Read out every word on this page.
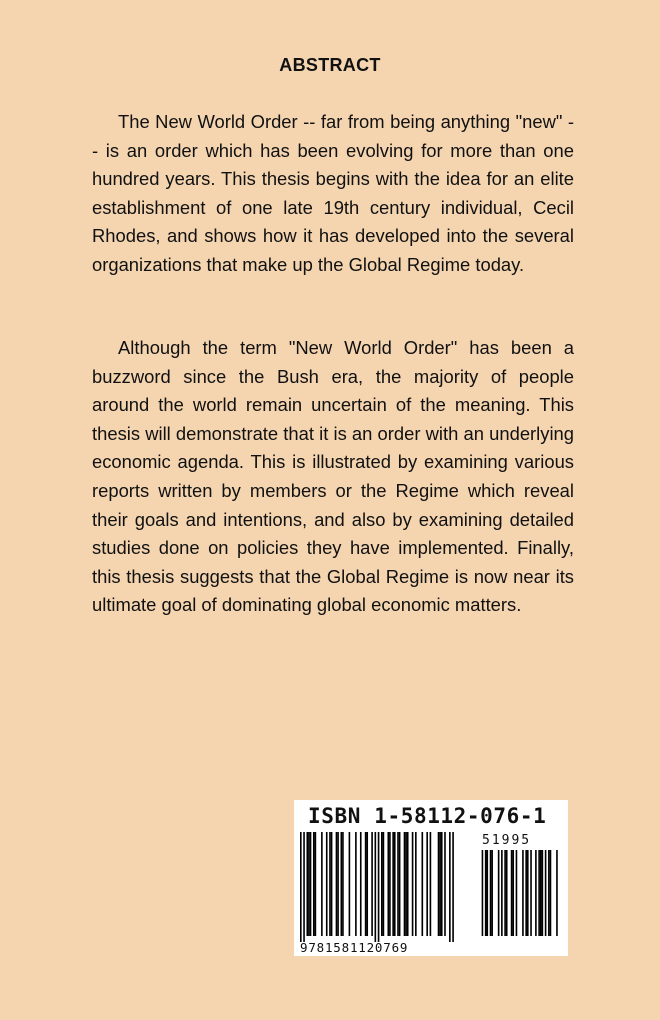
ABSTRACT

The New World Order -- far from being anything "new" -- is an order which has been evolving for more than one hundred years. This thesis begins with the idea for an elite establishment of one late 19th century individual, Cecil Rhodes, and shows how it has developed into the several organizations that make up the Global Regime today.

Although the term "New World Order" has been a buzzword since the Bush era, the majority of people around the world remain uncertain of the meaning. This thesis will demonstrate that it is an order with an underlying economic agenda. This is illustrated by examining various reports written by members or the Regime which reveal their goals and intentions, and also by examining detailed studies done on policies they have implemented. Finally, this thesis suggests that the Global Regime is now near its ultimate goal of dominating global economic matters.

ISBN 1-58112-076-1
51995
9781581120769
